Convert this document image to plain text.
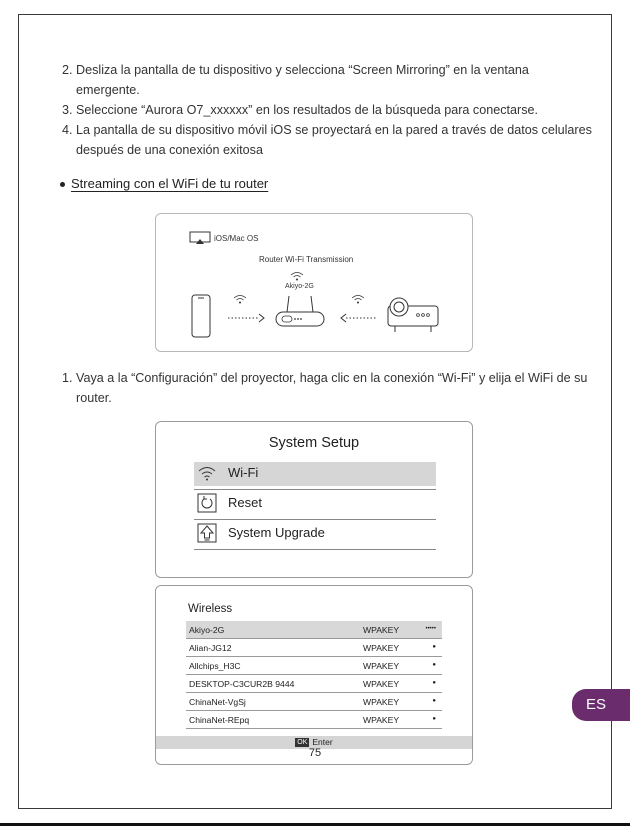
2. Desliza la pantalla de tu dispositivo y selecciona “Screen Mirroring” en la ventana emergente.
3. Seleccione “Aurora O7_xxxxxx” en los resultados de la búsqueda para conectarse.
4. La pantalla de su dispositivo móvil iOS se proyectará en la pared a través de datos celulares después de una conexión exitosa
Streaming con el WiFi de tu router
iOS/Mac OS
Router Wi-Fi Transmission
Akiyo-2G
1. Vaya a la “Configuración” del proyector, haga clic en la conexión “Wi-Fi” y elija el WiFi de su router.
System Setup
Wi-Fi
Reset
System Upgrade
Wireless
Akiyo-2G	WPAKEY	•••••
Alian-JG12	WPAKEY	●
Allchips_H3C	WPAKEY	●
DESKTOP-C3CUR2B 9444	WPAKEY	●
ChinaNet-VgSj	WPAKEY	●
ChinaNet-REpq	WPAKEY	●
OK Enter
75
ES
